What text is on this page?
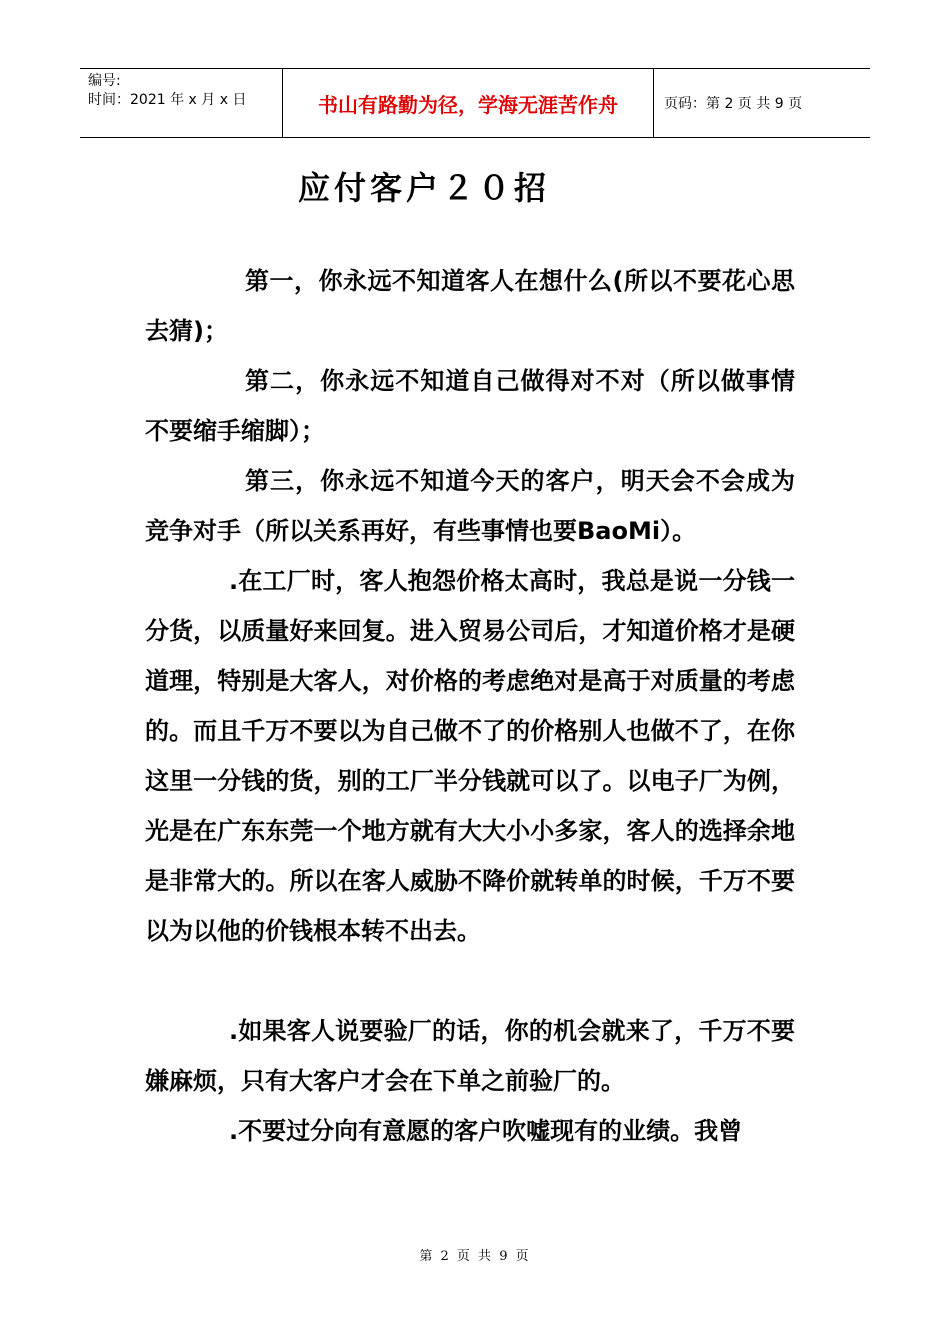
编号:
时间：2021 年 x 月 x 日	书山有路勤为径，学海无涯苦作舟	页码：第 2 页 共 9 页
应付客户２０招

第一，你永远不知道客人在想什么(所以不要花心思去猜)；

第二，你永远不知道自己做得对不对（所以做事情不要缩手缩脚）；

第三，你永远不知道今天的客户，明天会不会成为竞争对手（所以关系再好，有些事情也要BaoMi）。

.在工厂时，客人抱怨价格太高时，我总是说一分钱一分货，以质量好来回复。进入贸易公司后，才知道价格才是硬道理，特别是大客人，对价格的考虑绝对是高于对质量的考虑的。而且千万不要以为自己做不了的价格别人也做不了，在你这里一分钱的货，别的工厂半分钱就可以了。以电子厂为例，光是在广东东莞一个地方就有大大小小多家，客人的选择余地是非常大的。所以在客人威胁不降价就转单的时候，千万不要以为以他的价钱根本转不出去。

.如果客人说要验厂的话，你的机会就来了，千万不要嫌麻烦，只有大客户才会在下单之前验厂的。

.不要过分向有意愿的客户吹嘘现有的业绩。我曾

第 2 页 共 9 页
